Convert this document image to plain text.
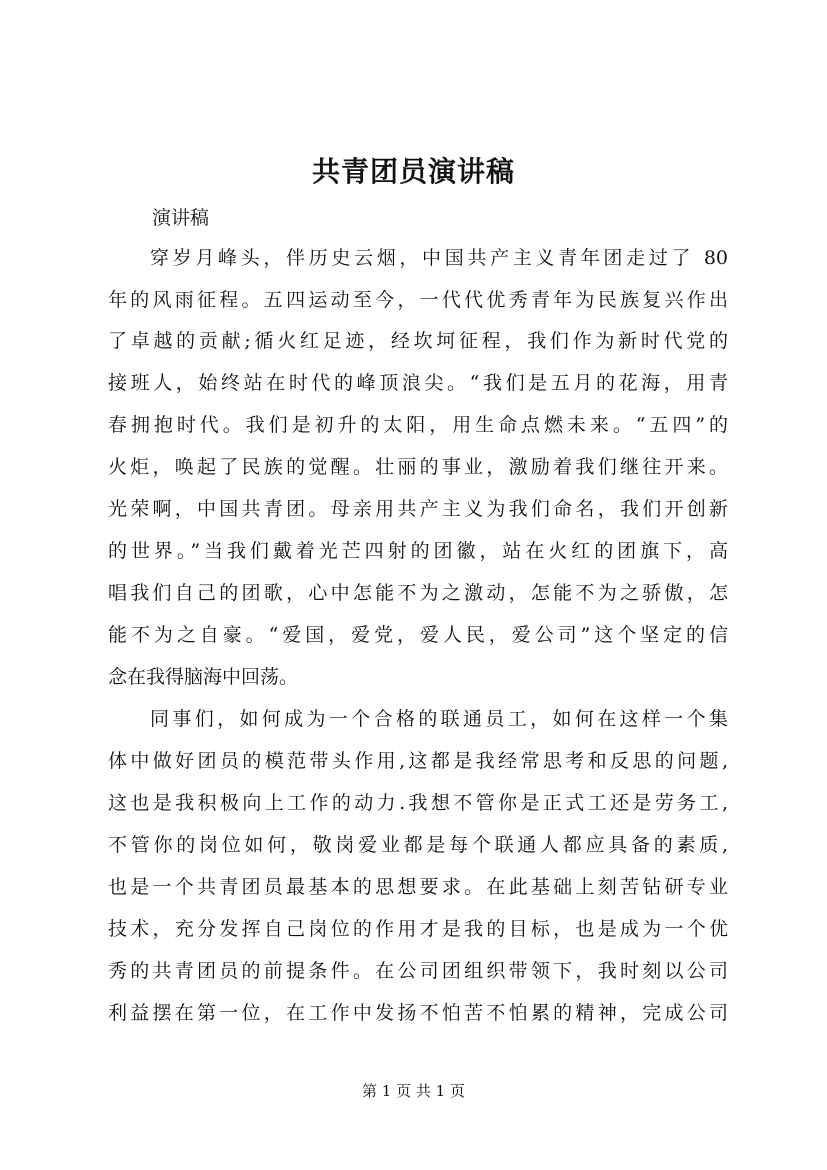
共青团员演讲稿
演讲稿
穿岁月峰头，伴历史云烟，中国共产主义青年团走过了 80
年的风雨征程。五四运动至今，一代代优秀青年为民族复兴作出
了卓越的贡献;循火红足迹，经坎坷征程，我们作为新时代党的
接班人，始终站在时代的峰顶浪尖。“我们是五月的花海，用青
春拥抱时代。我们是初升的太阳，用生命点燃未来。“五四”的
火炬，唤起了民族的觉醒。壮丽的事业，激励着我们继往开来。
光荣啊，中国共青团。母亲用共产主义为我们命名，我们开创新
的世界。”当我们戴着光芒四射的团徽，站在火红的团旗下，高
唱我们自己的团歌，心中怎能不为之激动，怎能不为之骄傲，怎
能不为之自豪。“爱国，爱党，爱人民，爱公司”这个坚定的信
念在我得脑海中回荡。
同事们，如何成为一个合格的联通员工，如何在这样一个集
体中做好团员的模范带头作用,这都是我经常思考和反思的问题,
这也是我积极向上工作的动力.我想不管你是正式工还是劳务工,
不管你的岗位如何，敬岗爱业都是每个联通人都应具备的素质,
也是一个共青团员最基本的思想要求。在此基础上刻苦钻研专业
技术，充分发挥自己岗位的作用才是我的目标，也是成为一个优
秀的共青团员的前提条件。在公司团组织带领下，我时刻以公司
利益摆在第一位，在工作中发扬不怕苦不怕累的精神，完成公司
第 1 页 共 1 页
